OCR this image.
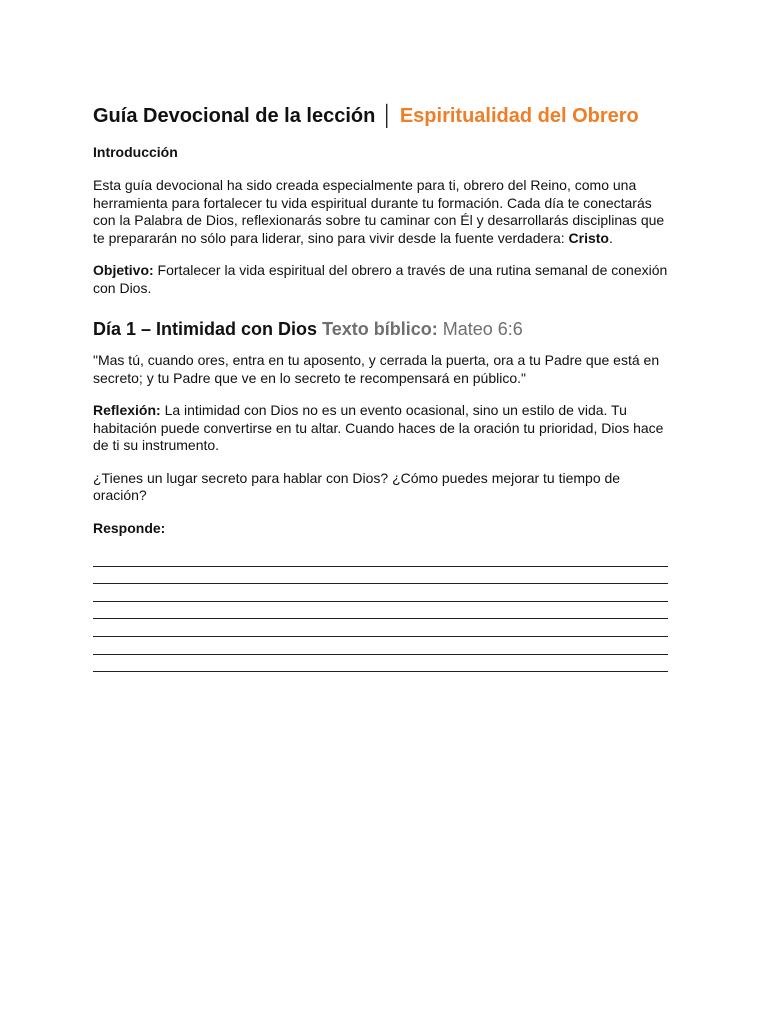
Guía Devocional de la lección │ Espiritualidad del Obrero
Introducción

Esta guía devocional ha sido creada especialmente para ti, obrero del Reino, como una herramienta para fortalecer tu vida espiritual durante tu formación. Cada día te conectarás con la Palabra de Dios, reflexionarás sobre tu caminar con Él y desarrollarás disciplinas que te prepararán no sólo para liderar, sino para vivir desde la fuente verdadera: Cristo.

Objetivo: Fortalecer la vida espiritual del obrero a través de una rutina semanal de conexión con Dios.

Día 1 – Intimidad con Dios Texto bíblico: Mateo 6:6

"Mas tú, cuando ores, entra en tu aposento, y cerrada la puerta, ora a tu Padre que está en secreto; y tu Padre que ve en lo secreto te recompensará en público."

Reflexión: La intimidad con Dios no es un evento ocasional, sino un estilo de vida. Tu habitación puede convertirse en tu altar. Cuando haces de la oración tu prioridad, Dios hace de ti su instrumento.

¿Tienes un lugar secreto para hablar con Dios? ¿Cómo puedes mejorar tu tiempo de oración?

Responde:
